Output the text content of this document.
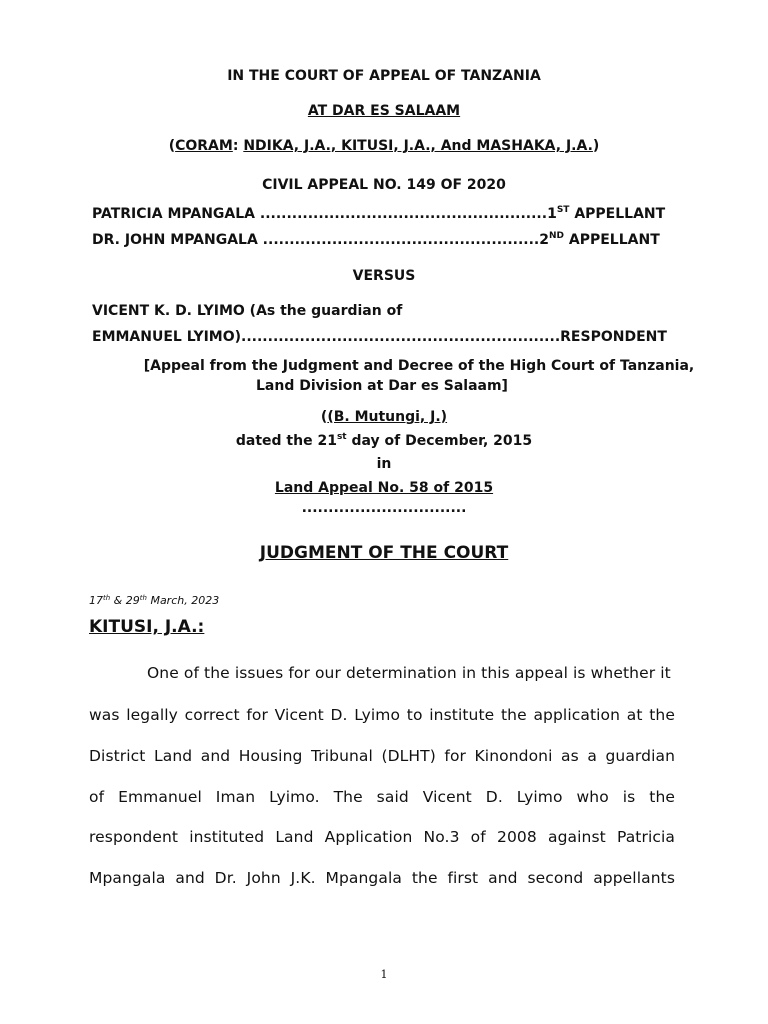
IN THE COURT OF APPEAL OF TANZANIA
AT DAR ES SALAAM
(CORAM: NDIKA, J.A., KITUSI, J.A., And MASHAKA, J.A.)
CIVIL APPEAL NO. 149 OF 2020
PATRICIA MPANGALA ......................................................1ST APPELLANT
DR. JOHN MPANGALA ....................................................2ND APPELLANT
VERSUS
VICENT K. D. LYIMO (As the guardian of
EMMANUEL LYIMO)............................................................RESPONDENT
[Appeal from the Judgment and Decree of the High Court of Tanzania,
Land Division at Dar es Salaam]
((B. Mutungi, J.)
dated the 21st day of December, 2015
in
Land Appeal No. 58 of 2015
...............................
JUDGMENT OF THE COURT
17th & 29th March, 2023
KITUSI, J.A.:
One of the issues for our determination in this appeal is whether it
was legally correct for Vicent D. Lyimo to institute the application at the
District Land and Housing Tribunal (DLHT) for Kinondoni as a guardian
of Emmanuel Iman Lyimo. The said Vicent D. Lyimo who is the
respondent instituted Land Application No.3 of 2008 against Patricia
Mpangala and Dr. John J.K. Mpangala the first and second appellants
1
